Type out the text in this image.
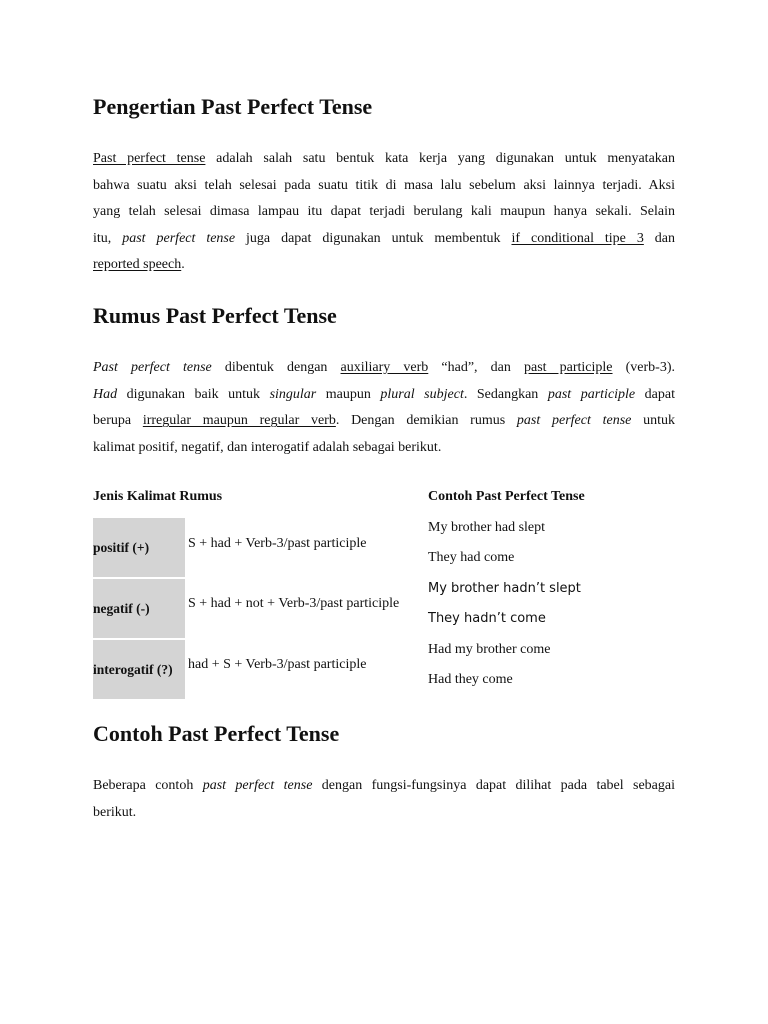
Pengertian Past Perfect Tense
Past perfect tense adalah salah satu bentuk kata kerja yang digunakan untuk menyatakan
bahwa suatu aksi telah selesai pada suatu titik di masa lalu sebelum aksi lainnya terjadi. Aksi
yang telah selesai dimasa lampau itu dapat terjadi berulang kali maupun hanya sekali. Selain
itu, past perfect tense juga dapat digunakan untuk membentuk if conditional tipe 3 dan
reported speech.
Rumus Past Perfect Tense
Past perfect tense dibentuk dengan auxiliary verb “had”, dan past participle (verb-3).
Had digunakan baik untuk singular maupun plural subject. Sedangkan past participle dapat
berupa irregular maupun regular verb. Dengan demikian rumus past perfect tense untuk
kalimat positif, negatif, dan interogatif adalah sebagai berikut.
Jenis Kalimat Rumus	Contoh Past Perfect Tense
positif (+)	S + had + Verb-3/past participle
My brother had slept
They had come
negatif (-)	S + had + not + Verb-3/past participle
My brother hadn’t slept
They hadn’t come
interogatif (?) had + S + Verb-3/past participle
Had my brother come
Had they come
Contoh Past Perfect Tense
Beberapa contoh past perfect tense dengan fungsi-fungsinya dapat dilihat pada tabel sebagai
berikut.
